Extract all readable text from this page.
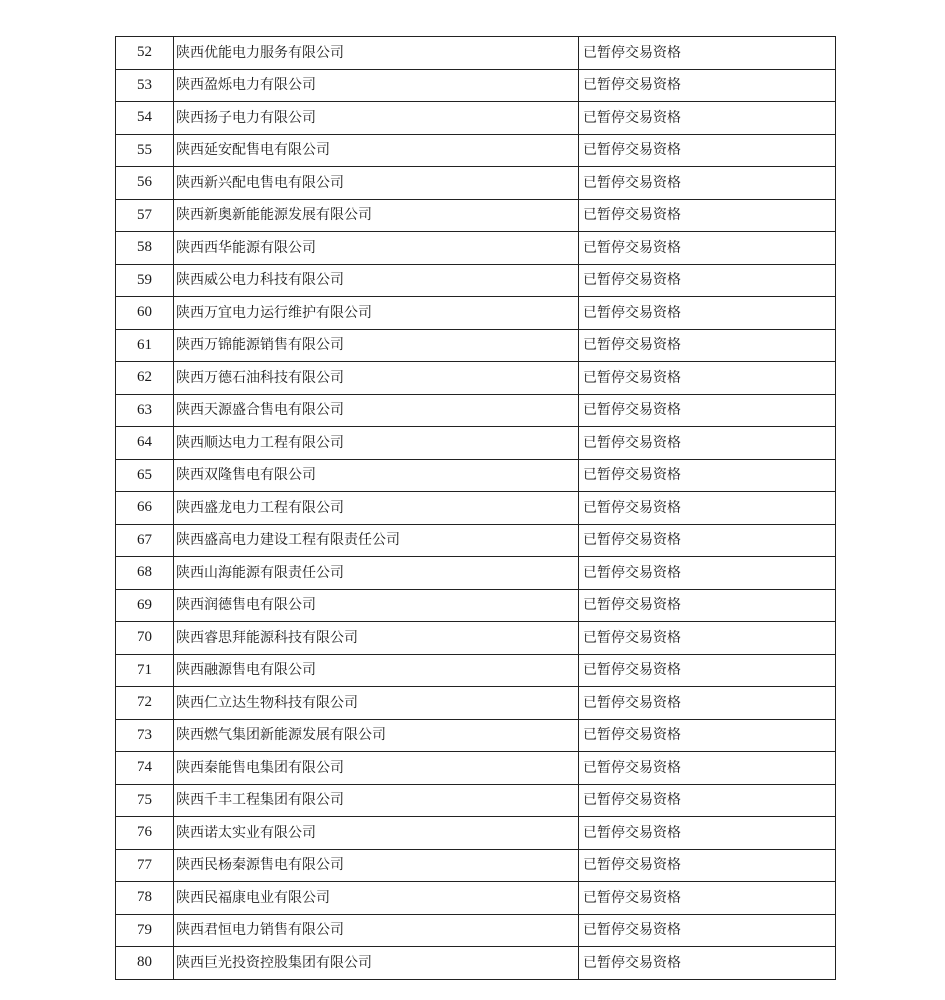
52	陕西优能电力服务有限公司	已暂停交易资格
53	陕西盈烁电力有限公司	已暂停交易资格
54	陕西扬子电力有限公司	已暂停交易资格
55	陕西延安配售电有限公司	已暂停交易资格
56	陕西新兴配电售电有限公司	已暂停交易资格
57	陕西新奥新能能源发展有限公司	已暂停交易资格
58	陕西西华能源有限公司	已暂停交易资格
59	陕西威公电力科技有限公司	已暂停交易资格
60	陕西万宜电力运行维护有限公司	已暂停交易资格
61	陕西万锦能源销售有限公司	已暂停交易资格
62	陕西万德石油科技有限公司	已暂停交易资格
63	陕西天源盛合售电有限公司	已暂停交易资格
64	陕西顺达电力工程有限公司	已暂停交易资格
65	陕西双隆售电有限公司	已暂停交易资格
66	陕西盛龙电力工程有限公司	已暂停交易资格
67	陕西盛高电力建设工程有限责任公司	已暂停交易资格
68	陕西山海能源有限责任公司	已暂停交易资格
69	陕西润德售电有限公司	已暂停交易资格
70	陕西睿思拜能源科技有限公司	已暂停交易资格
71	陕西融源售电有限公司	已暂停交易资格
72	陕西仁立达生物科技有限公司	已暂停交易资格
73	陕西燃气集团新能源发展有限公司	已暂停交易资格
74	陕西秦能售电集团有限公司	已暂停交易资格
75	陕西千丰工程集团有限公司	已暂停交易资格
76	陕西诺太实业有限公司	已暂停交易资格
77	陕西民杨秦源售电有限公司	已暂停交易资格
78	陕西民福康电业有限公司	已暂停交易资格
79	陕西君恒电力销售有限公司	已暂停交易资格
80	陕西巨光投资控股集团有限公司	已暂停交易资格
